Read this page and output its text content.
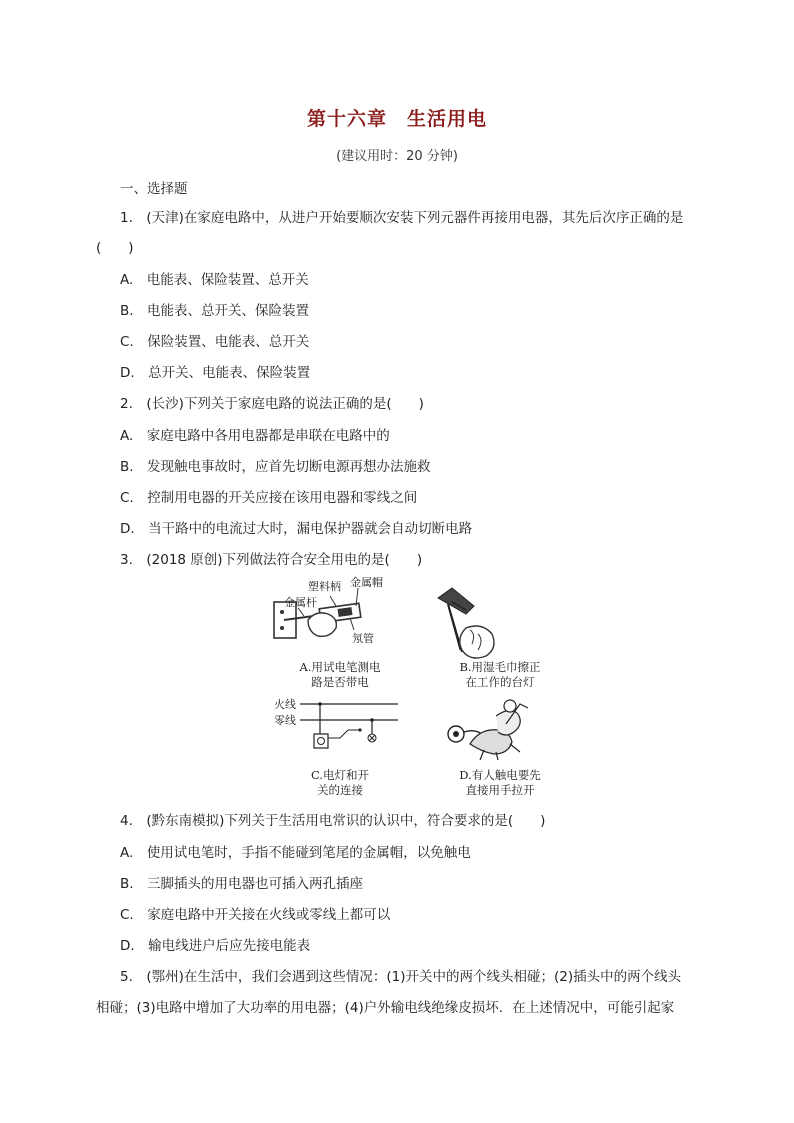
第十六章　生活用电
(建议用时：20 分钟)
一、选择题
1.　(天津)在家庭电路中，从进户开始要顺次安装下列元器件再接用电器，其先后次序正确的是
(　　)
A.　电能表、保险装置、总开关
B.　电能表、总开关、保险装置
C.　保险装置、电能表、总开关
D.　总开关、电能表、保险装置
2.　(长沙)下列关于家庭电路的说法正确的是(　　)
A.　家庭电路中各用电器都是串联在电路中的
B.　发现触电事故时，应首先切断电源再想办法施救
C.　控制用电器的开关应接在该用电器和零线之间
D.　当干路中的电流过大时，漏电保护器就会自动切断电路
3.　(2018 原创)下列做法符合安全用电的是(　　)
塑料柄 金属帽
金属杆
氖管
火线
零线
A.用试电笔测电
路是否带电
B.用湿毛巾擦正
在工作的台灯
C.电灯和开
关的连接
D.有人触电要先
直接用手拉开
4.　(黔东南模拟)下列关于生活用电常识的认识中，符合要求的是(　　)
A.　使用试电笔时，手指不能碰到笔尾的金属帽，以免触电
B.　三脚插头的用电器也可插入两孔插座
C.　家庭电路中开关接在火线或零线上都可以
D.　输电线进户后应先接电能表
5.　(鄂州)在生活中，我们会遇到这些情况：(1)开关中的两个线头相碰；(2)插头中的两个线头
相碰；(3)电路中增加了大功率的用电器；(4)户外输电线绝缘皮损坏．在上述情况中，可能引起家
